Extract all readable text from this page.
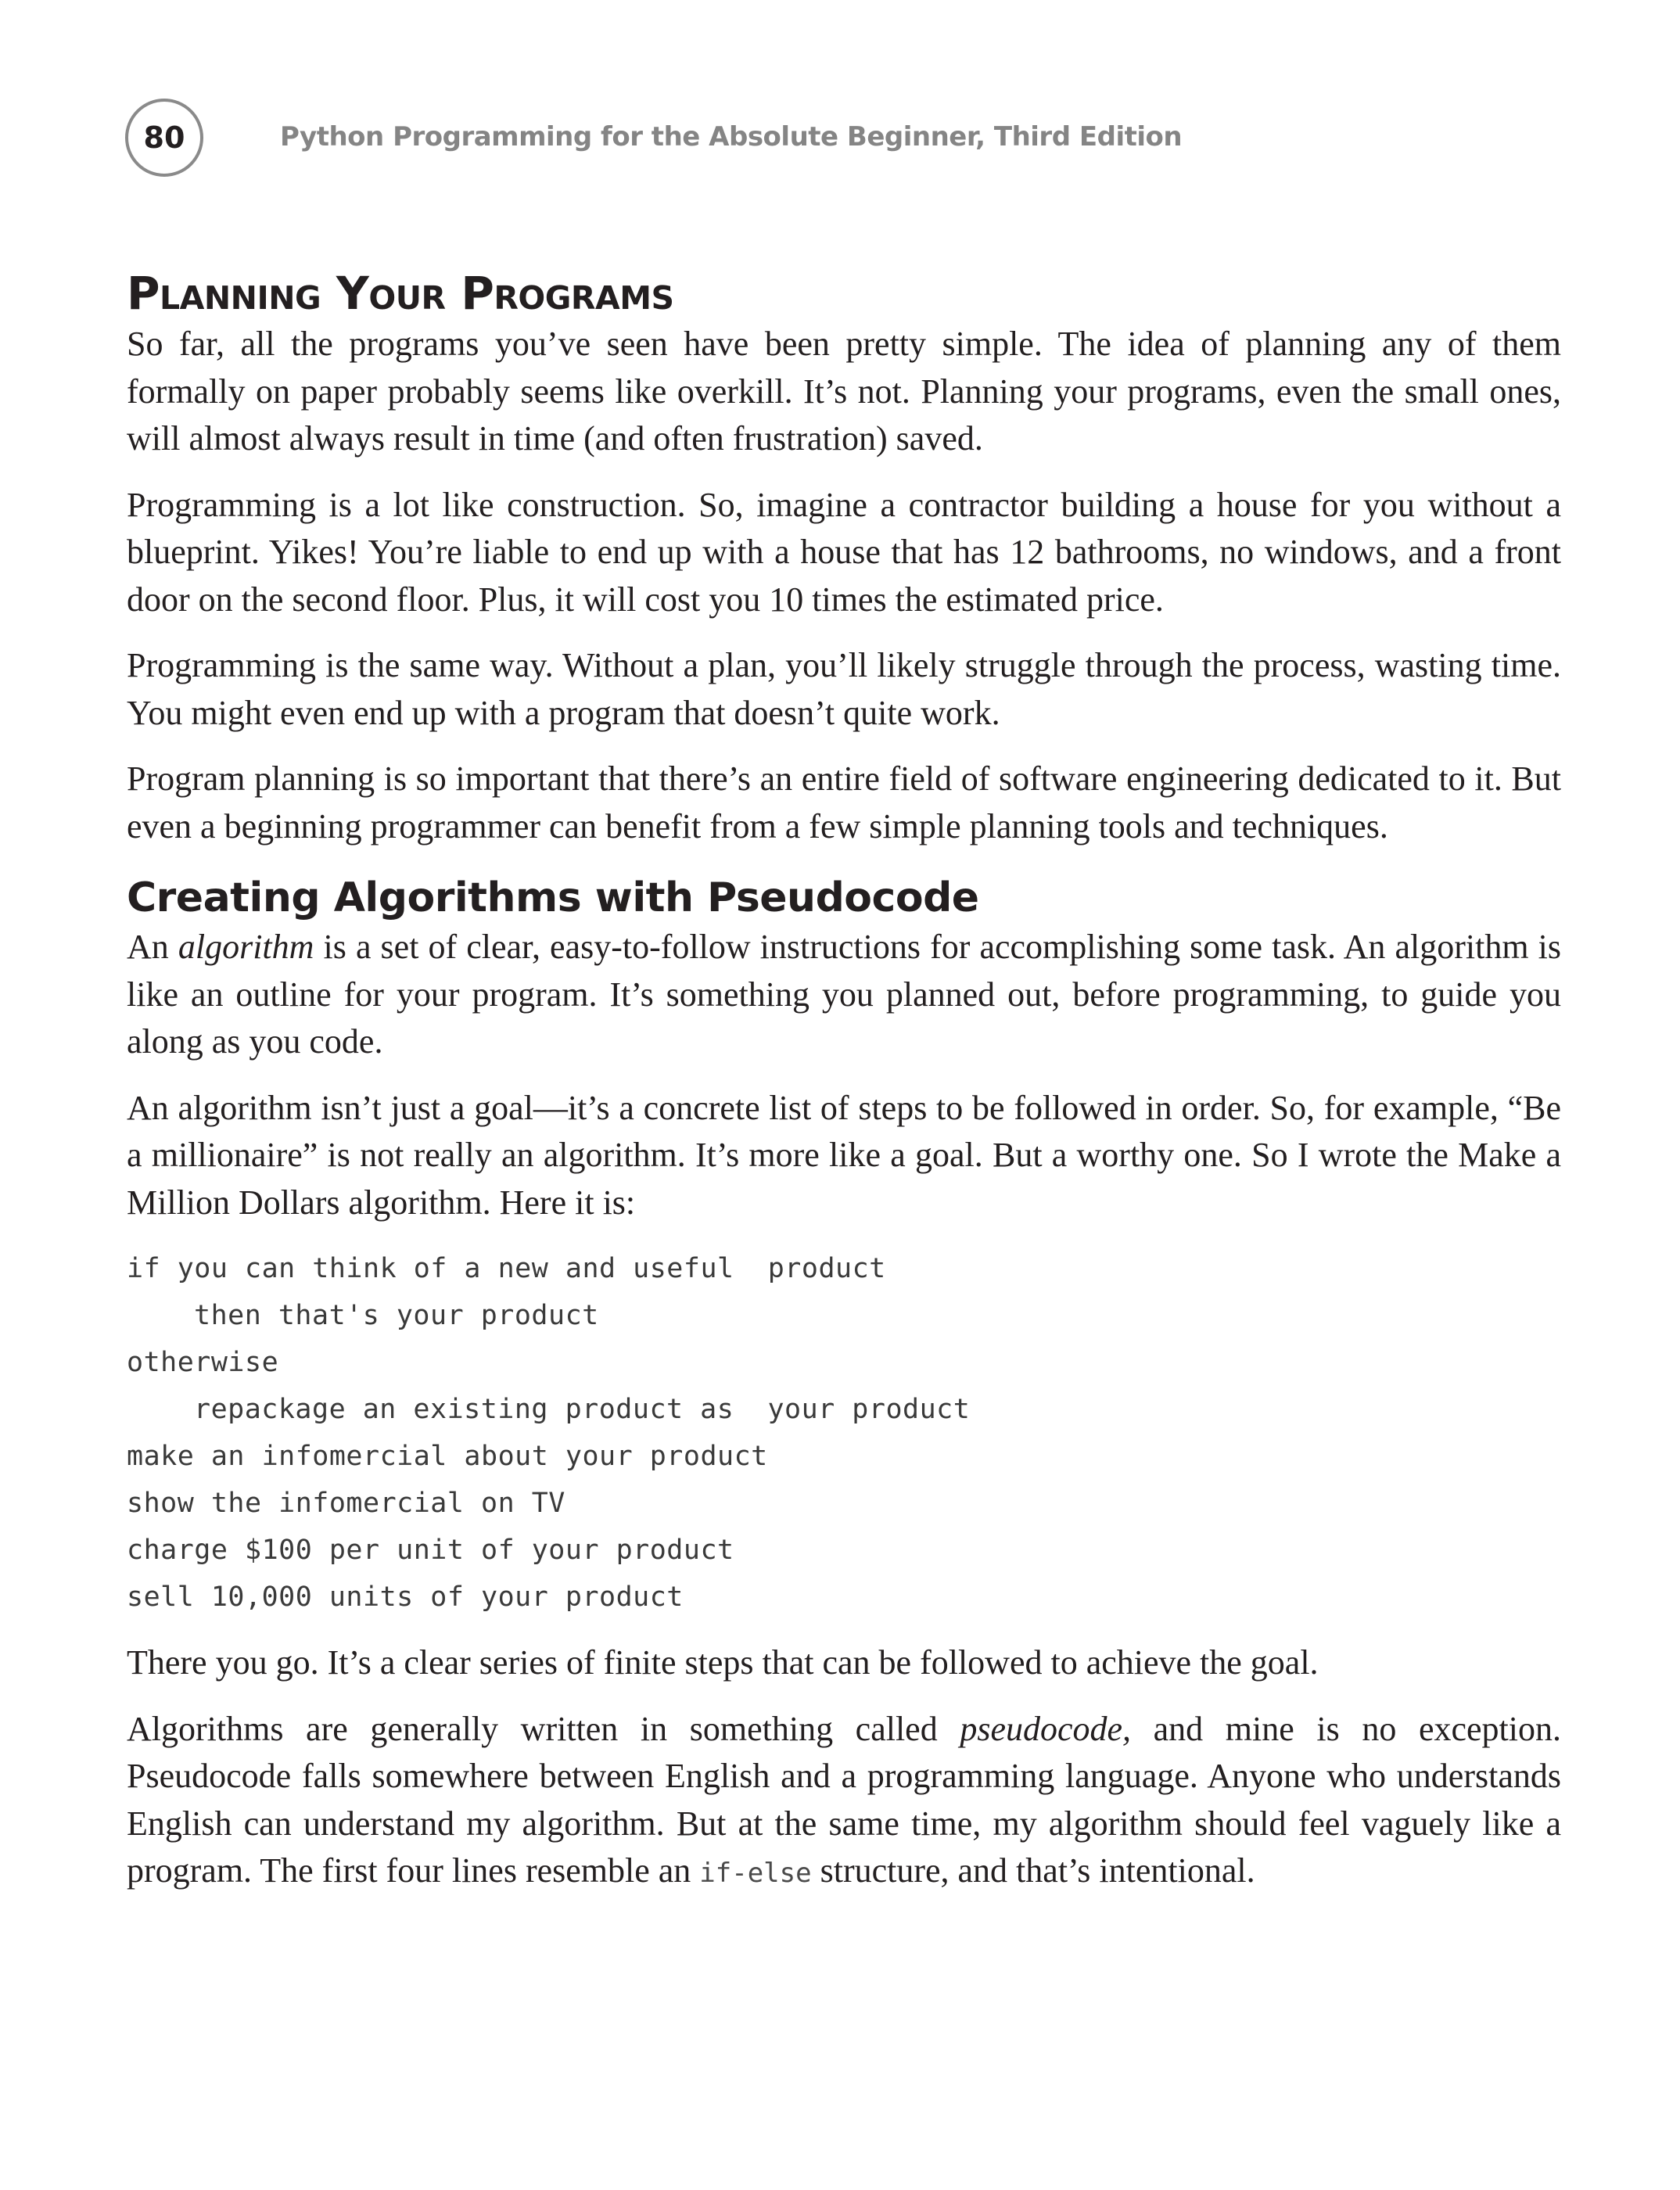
80	Python Programming for the Absolute Beginner, Third Edition
Planning Your Programs

So far, all the programs you’ve seen have been pretty simple. The idea of planning any of them formally on paper probably seems like overkill. It’s not. Planning your programs, even the small ones, will almost always result in time (and often frustration) saved.

Programming is a lot like construction. So, imagine a contractor building a house for you without a blueprint. Yikes! You’re liable to end up with a house that has 12 bathrooms, no windows, and a front door on the second floor. Plus, it will cost you 10 times the estimated price.

Programming is the same way. Without a plan, you’ll likely struggle through the process, wasting time. You might even end up with a program that doesn’t quite work.

Program planning is so important that there’s an entire field of software engineering dedicated to it. But even a beginning programmer can benefit from a few simple planning tools and techniques.

Creating Algorithms with Pseudocode

An algorithm is a set of clear, easy-to-follow instructions for accomplishing some task. An algorithm is like an outline for your program. It’s something you planned out, before programming, to guide you along as you code.

An algorithm isn’t just a goal—it’s a concrete list of steps to be followed in order. So, for example, “Be a millionaire” is not really an algorithm. It’s more like a goal. But a worthy one. So I wrote the Make a Million Dollars algorithm. Here it is:

if you can think of a new and useful  product
then that's your product
otherwise
repackage an existing product as  your product
make an infomercial about your product
show the infomercial on TV
charge $100 per unit of your product
sell 10,000 units of your product

There you go. It’s a clear series of finite steps that can be followed to achieve the goal.

Algorithms are generally written in something called pseudocode, and mine is no exception. Pseudocode falls somewhere between English and a programming language. Anyone who understands English can understand my algorithm. But at the same time, my algorithm should feel vaguely like a program. The first four lines resemble an if-else structure, and that’s intentional.
